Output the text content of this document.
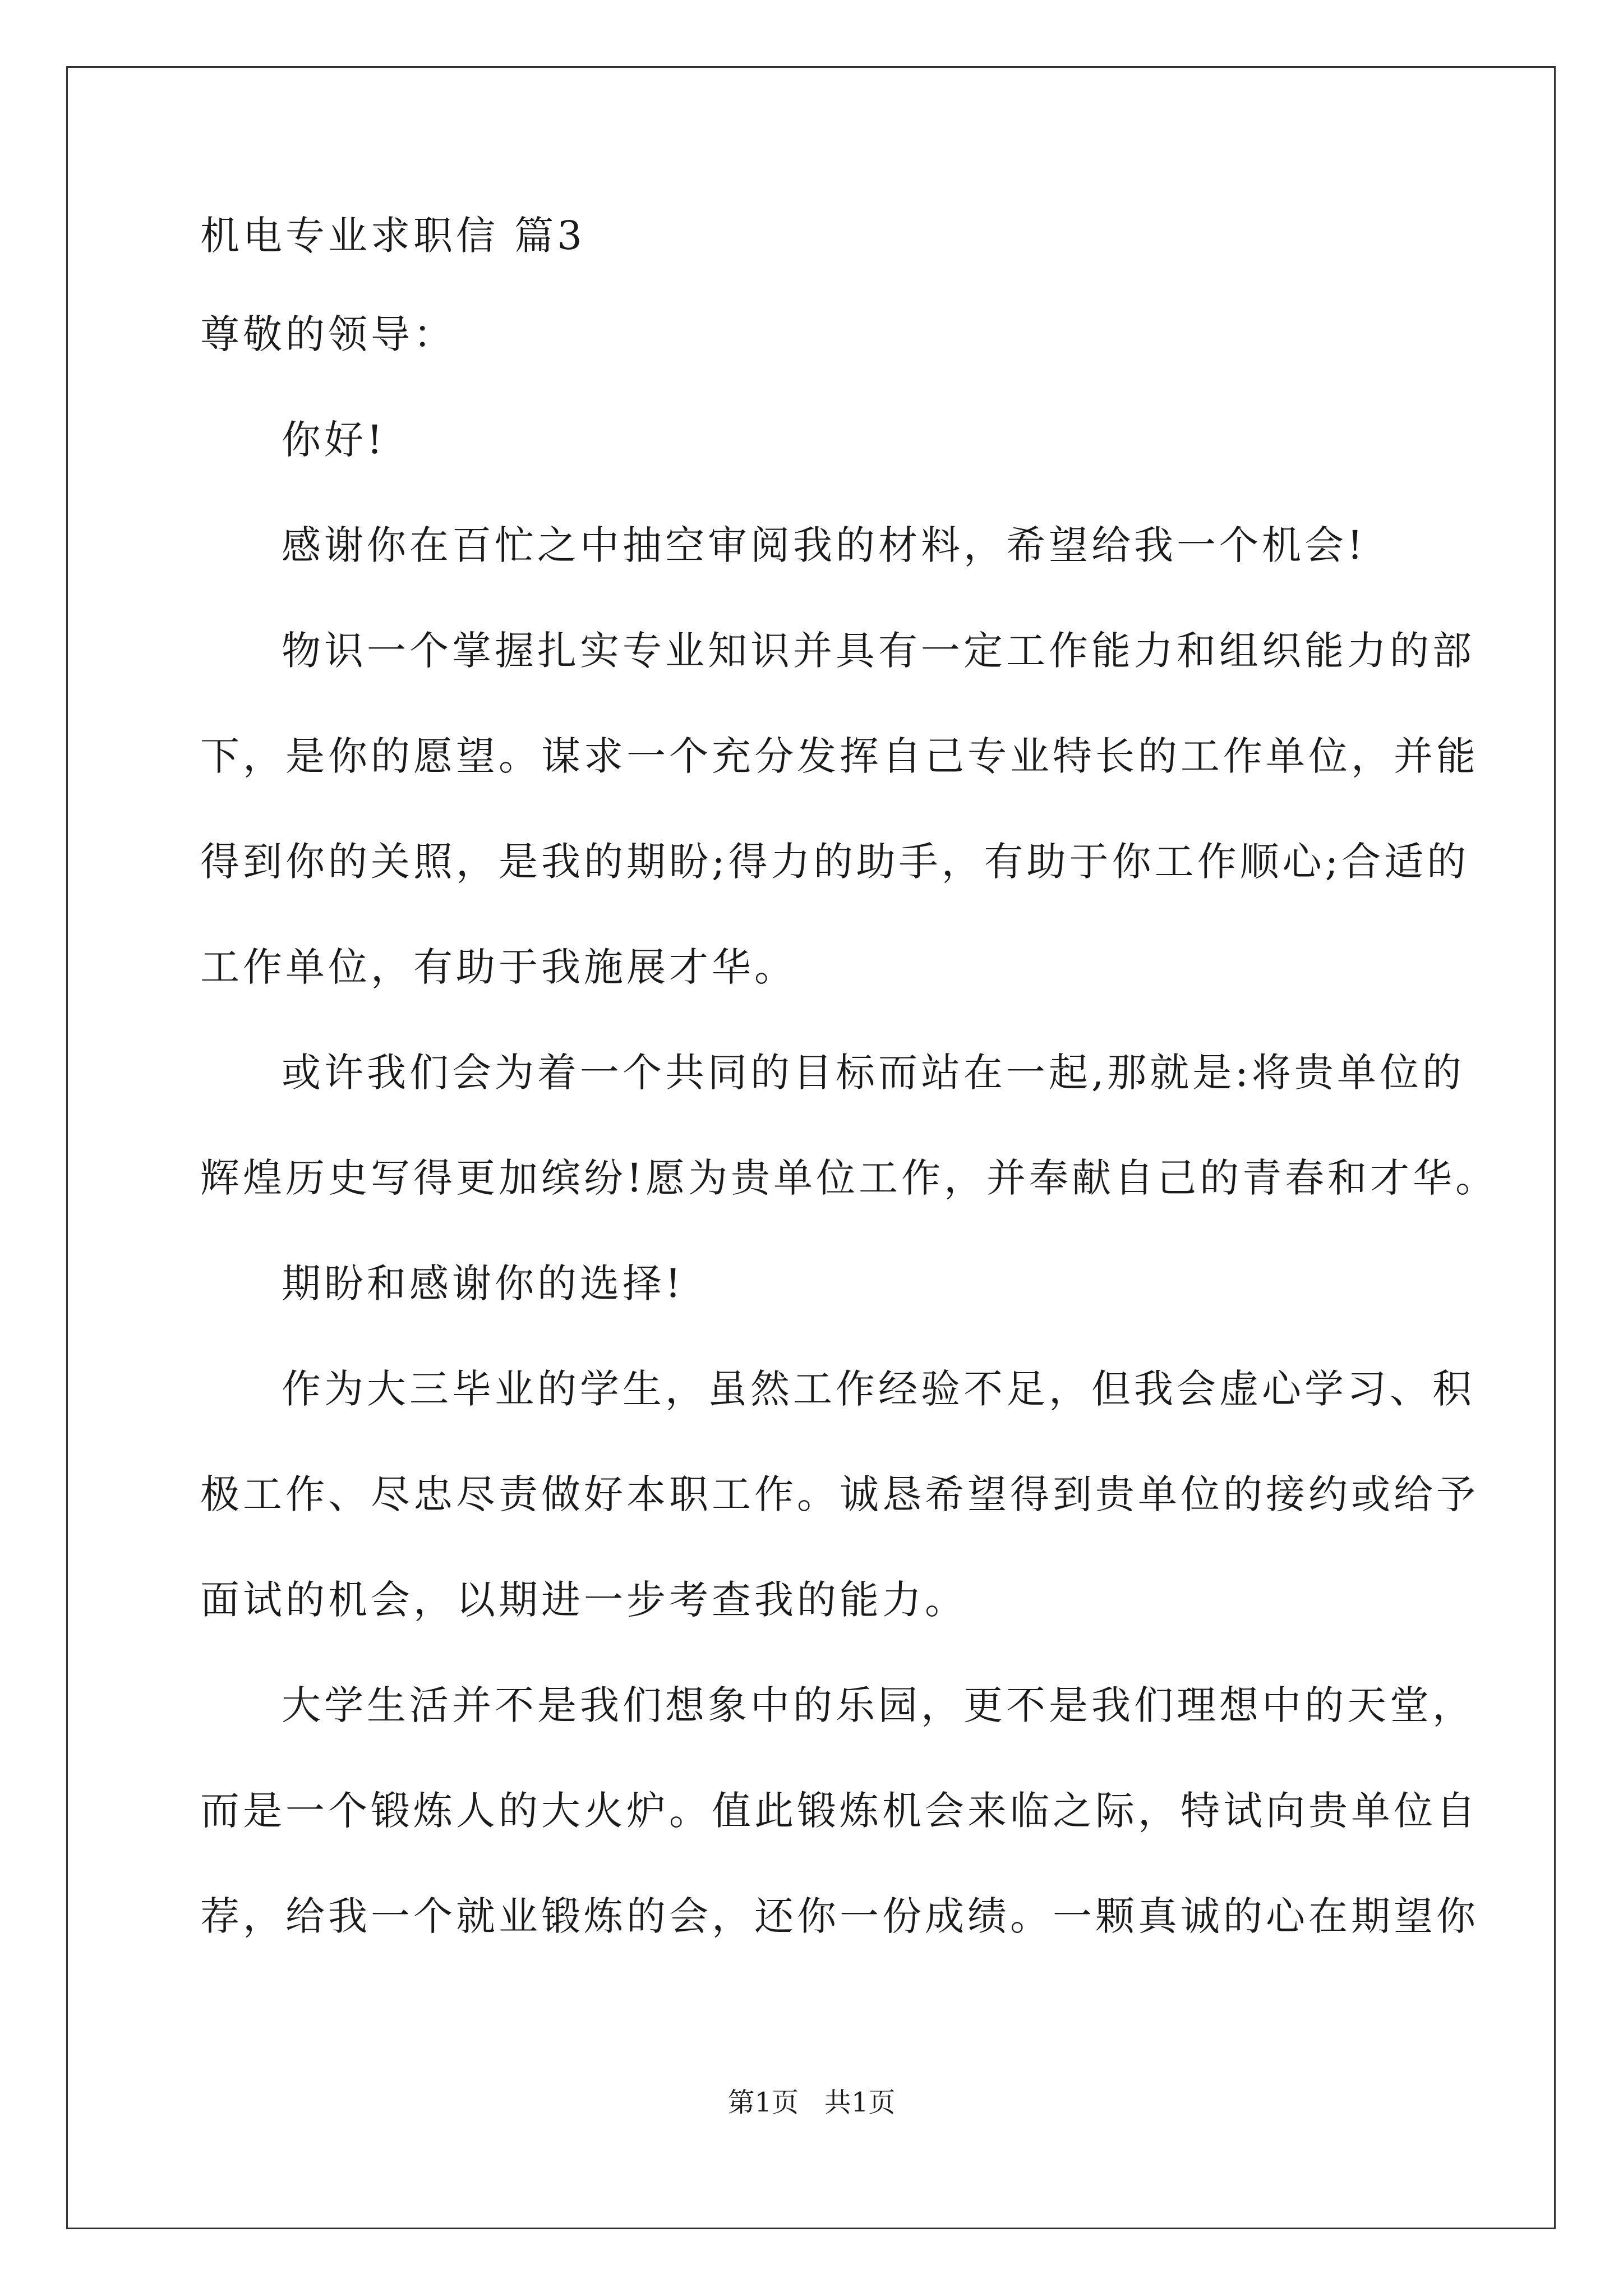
机电专业求职信 篇3

尊敬的领导：

你好!

感谢你在百忙之中抽空审阅我的材料，希望给我一个机会!

物识一个掌握扎实专业知识并具有一定工作能力和组织能力的部

下，是你的愿望。谋求一个充分发挥自己专业特长的工作单位，并能

得到你的关照，是我的期盼;得力的助手，有助于你工作顺心;合适的

工作单位，有助于我施展才华。

或许我们会为着一个共同的目标而站在一起,那就是:将贵单位的

辉煌历史写得更加缤纷!愿为贵单位工作，并奉献自己的青春和才华。

期盼和感谢你的选择!

作为大三毕业的学生，虽然工作经验不足，但我会虚心学习、积

极工作、尽忠尽责做好本职工作。诚恳希望得到贵单位的接约或给予

面试的机会，以期进一步考查我的能力。

大学生活并不是我们想象中的乐园，更不是我们理想中的天堂，

而是一个锻炼人的大火炉。值此锻炼机会来临之际，特试向贵单位自

荐，给我一个就业锻炼的会，还你一份成绩。一颗真诚的心在期望你

第1页   共1页
